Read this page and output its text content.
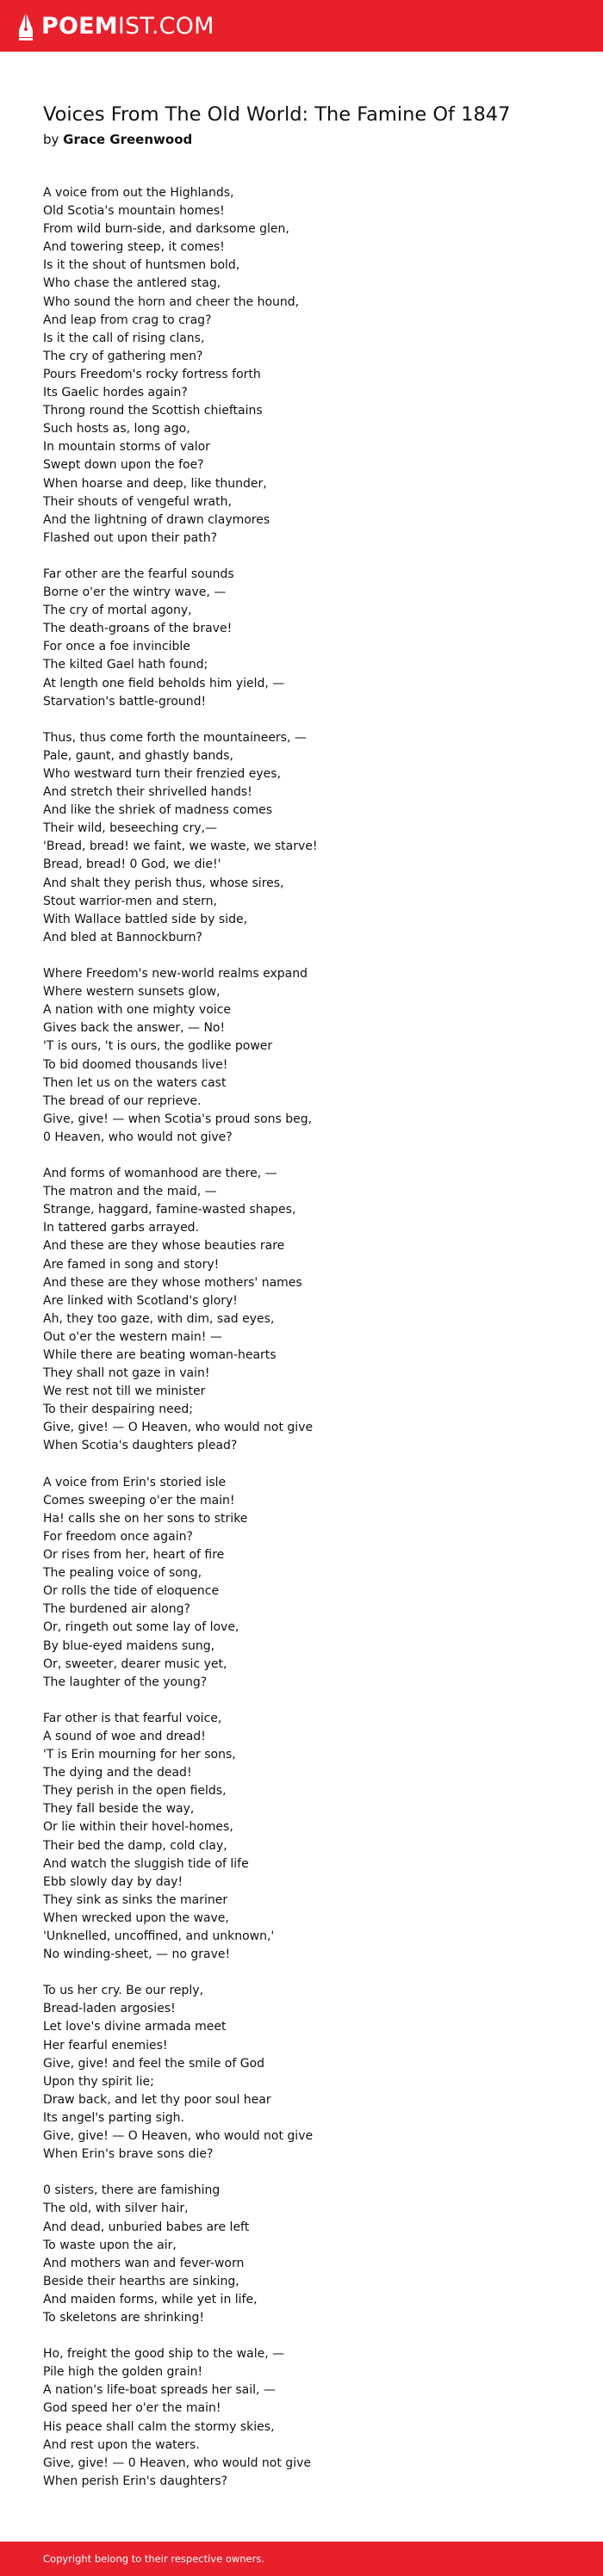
POEMIST.COM
Voices From The Old World: The Famine Of 1847
by Grace Greenwood
A voice from out the Highlands,
Old Scotia's mountain homes!
From wild burn-side, and darksome glen,
And towering steep, it comes!
Is it the shout of huntsmen bold,
Who chase the antlered stag,
Who sound the horn and cheer the hound,
And leap from crag to crag?
Is it the call of rising clans,
The cry of gathering men?
Pours Freedom's rocky fortress forth
Its Gaelic hordes again?
Throng round the Scottish chieftains
Such hosts as, long ago,
In mountain storms of valor
Swept down upon the foe?
When hoarse and deep, like thunder,
Their shouts of vengeful wrath,
And the lightning of drawn claymores
Flashed out upon their path?
Far other are the fearful sounds
Borne o'er the wintry wave, —
The cry of mortal agony,
The death-groans of the brave!
For once a foe invincible
The kilted Gael hath found;
At length one field beholds him yield, —
Starvation's battle-ground!
Thus, thus come forth the mountaineers, —
Pale, gaunt, and ghastly bands,
Who westward turn their frenzied eyes,
And stretch their shrivelled hands!
And like the shriek of madness comes
Their wild, beseeching cry,—
'Bread, bread! we faint, we waste, we starve!
Bread, bread! 0 God, we die!'
And shalt they perish thus, whose sires,
Stout warrior-men and stern,
With Wallace battled side by side,
And bled at Bannockburn?
Where Freedom's new-world realms expand
Where western sunsets glow,
A nation with one mighty voice
Gives back the answer, — No!
'T is ours, 't is ours, the godlike power
To bid doomed thousands live!
Then let us on the waters cast
The bread of our reprieve.
Give, give! — when Scotia's proud sons beg,
0 Heaven, who would not give?
And forms of womanhood are there, —
The matron and the maid, —
Strange, haggard, famine-wasted shapes,
In tattered garbs arrayed.
And these are they whose beauties rare
Are famed in song and story!
And these are they whose mothers' names
Are linked with Scotland's glory!
Ah, they too gaze, with dim, sad eyes,
Out o'er the western main! —
While there are beating woman-hearts
They shall not gaze in vain!
We rest not till we minister
To their despairing need;
Give, give! — O Heaven, who would not give
When Scotia's daughters plead?
A voice from Erin's storied isle
Comes sweeping o'er the main!
Ha! calls she on her sons to strike
For freedom once again?
Or rises from her, heart of fire
The pealing voice of song,
Or rolls the tide of eloquence
The burdened air along?
Or, ringeth out some lay of love,
By blue-eyed maidens sung,
Or, sweeter, dearer music yet,
The laughter of the young?
Far other is that fearful voice,
A sound of woe and dread!
'T is Erin mourning for her sons,
The dying and the dead!
They perish in the open fields,
They fall beside the way,
Or lie within their hovel-homes,
Their bed the damp, cold clay,
And watch the sluggish tide of life
Ebb slowly day by day!
They sink as sinks the mariner
When wrecked upon the wave,
'Unknelled, uncoffined, and unknown,'
No winding-sheet, — no grave!
To us her cry. Be our reply,
Bread-laden argosies!
Let love's divine armada meet
Her fearful enemies!
Give, give! and feel the smile of God
Upon thy spirit lie;
Draw back, and let thy poor soul hear
Its angel's parting sigh.
Give, give! — O Heaven, who would not give
When Erin's brave sons die?
0 sisters, there are famishing
The old, with silver hair,
And dead, unburied babes are left
To waste upon the air,
And mothers wan and fever-worn
Beside their hearths are sinking,
And maiden forms, while yet in life,
To skeletons are shrinking!
Ho, freight the good ship to the wale, —
Pile high the golden grain!
A nation's life-boat spreads her sail, —
God speed her o'er the main!
His peace shall calm the stormy skies,
And rest upon the waters.
Give, give! — 0 Heaven, who would not give
When perish Erin's daughters?
Copyright belong to their respective owners.
